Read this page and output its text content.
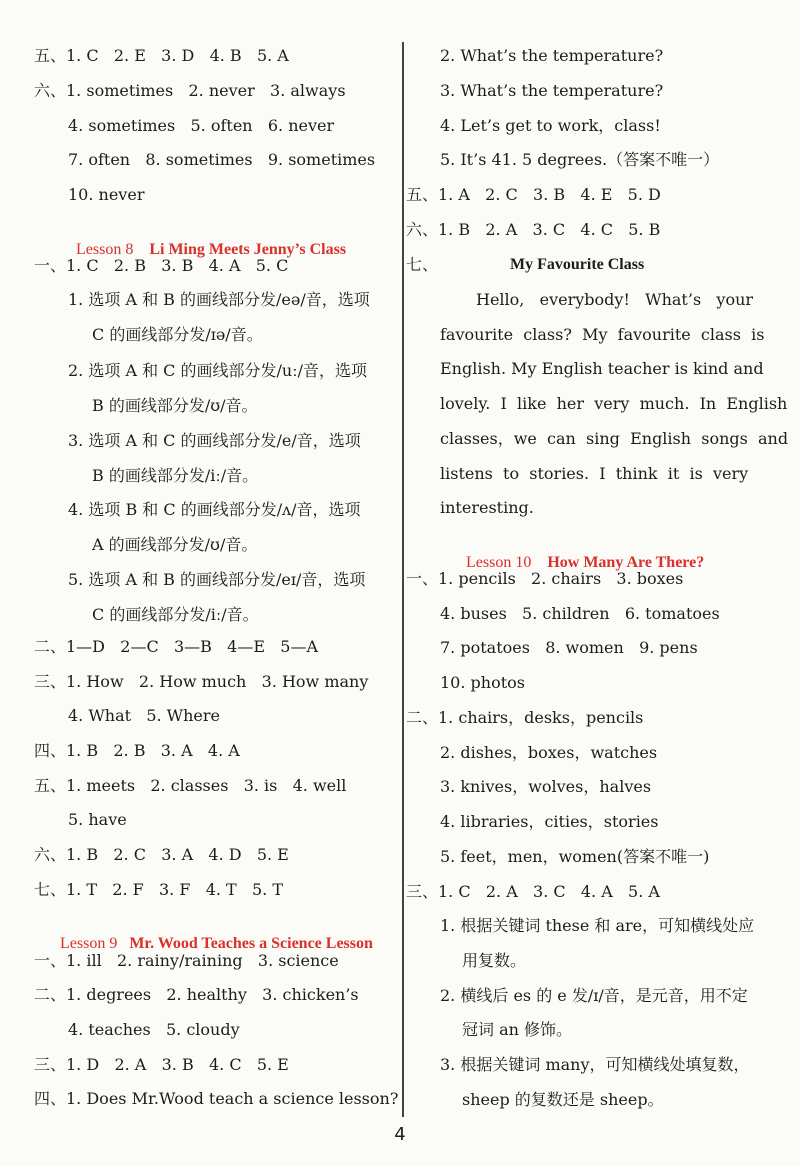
五、1. C   2. E   3. D   4. B   5. A
六、1. sometimes   2. never   3. always
4. sometimes   5. often   6. never
7. often   8. sometimes   9. sometimes
10. never

Lesson 8 Li Ming Meets Jenny’s Class

一、1. C   2. B   3. B   4. A   5. C
1. 选项 A 和 B 的画线部分发/eə/音，选项
C 的画线部分发/ɪə/音。
2. 选项 A 和 C 的画线部分发/uː/音，选项
B 的画线部分发/ʊ/音。
3. 选项 A 和 C 的画线部分发/e/音，选项
B 的画线部分发/iː/音。
4. 选项 B 和 C 的画线部分发/ʌ/音，选项
A 的画线部分发/ʊ/音。
5. 选项 A 和 B 的画线部分发/eɪ/音，选项
C 的画线部分发/iː/音。
二、1—D   2—C   3—B   4—E   5—A
三、1. How   2. How much   3. How many
4. What   5. Where
四、1. B   2. B   3. A   4. A
五、1. meets   2. classes   3. is   4. well
5. have
六、1. B   2. C   3. A   4. D   5. E
七、1. T   2. F   3. F   4. T   5. T

Lesson 9 Mr. Wood Teaches a Science Lesson

一、1. ill   2. rainy/raining   3. science
二、1. degrees   2. healthy   3. chicken’s
4. teaches   5. cloudy
三、1. D   2. A   3. B   4. C   5. E
四、1. Does Mr.Wood teach a science lesson?
2. What’s the temperature?
3. What’s the temperature?
4. Let’s get to work，class!
5. It’s 41. 5 degrees.（答案不唯一）
五、1. A   2. C   3. B   4. E   5. D
六、1. B   2. A   3. C   4. C   5. B
七、	My Favourite Class
Hello,   everybody!   What’s   your
favourite  class?  My  favourite  class  is
English. My English teacher is kind and
lovely.  I  like  her  very  much.  In  English
classes，we  can  sing  English  songs  and
listens  to  stories.  I  think  it  is  very
interesting.

Lesson 10 How Many Are There?

一、1. pencils   2. chairs   3. boxes
4. buses   5. children   6. tomatoes
7. potatoes   8. women   9. pens
10. photos
二、1. chairs，desks，pencils
2. dishes，boxes，watches
3. knives，wolves，halves
4. libraries，cities，stories
5. feet，men，women(答案不唯一)
三、1. C   2. A   3. C   4. A   5. A
1. 根据关键词 these 和 are，可知横线处应
用复数。
2. 横线后 es 的 e 发/ɪ/音，是元音，用不定
冠词 an 修饰。
3. 根据关键词 many，可知横线处填复数，
sheep 的复数还是 sheep。
4
